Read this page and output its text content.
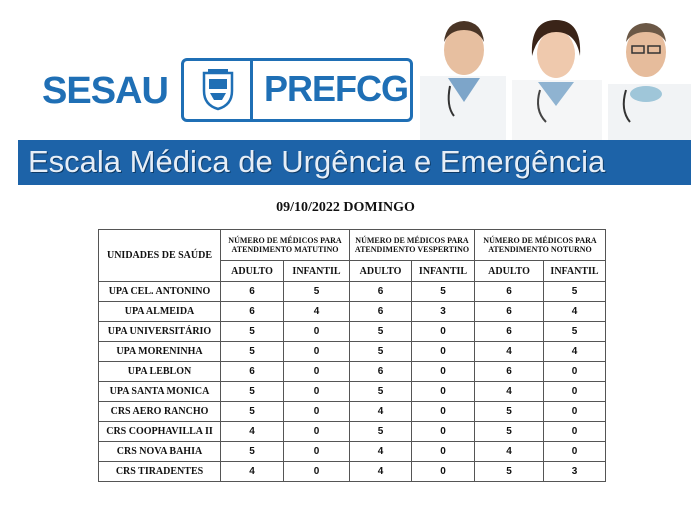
SESAU	PREFCG
Escala Médica de Urgência e Emergência
09/10/2022 DOMINGO
UNIDADES DE SAÚDE	NÚMERO DE MÉDICOS PARA ATENDIMENTO MATUTINO		NÚMERO DE MÉDICOS PARA ATENDIMENTO VESPERTINO		NÚMERO DE MÉDICOS PARA ATENDIMENTO NOTURNO	
	ADULTO	INFANTIL	ADULTO	INFANTIL	ADULTO	INFANTIL
UPA CEL. ANTONINO	6	5	6	5	6	5
UPA ALMEIDA	6	4	6	3	6	4
UPA UNIVERSITÁRIO	5	0	5	0	6	5
UPA MORENINHA	5	0	5	0	4	4
UPA LEBLON	6	0	6	0	6	0
UPA SANTA MONICA	5	0	5	0	4	0
CRS AERO RANCHO	5	0	4	0	5	0
CRS COOPHAVILLA II	4	0	5	0	5	0
CRS NOVA BAHIA	5	0	4	0	4	0
CRS TIRADENTES	4	0	4	0	5	3
